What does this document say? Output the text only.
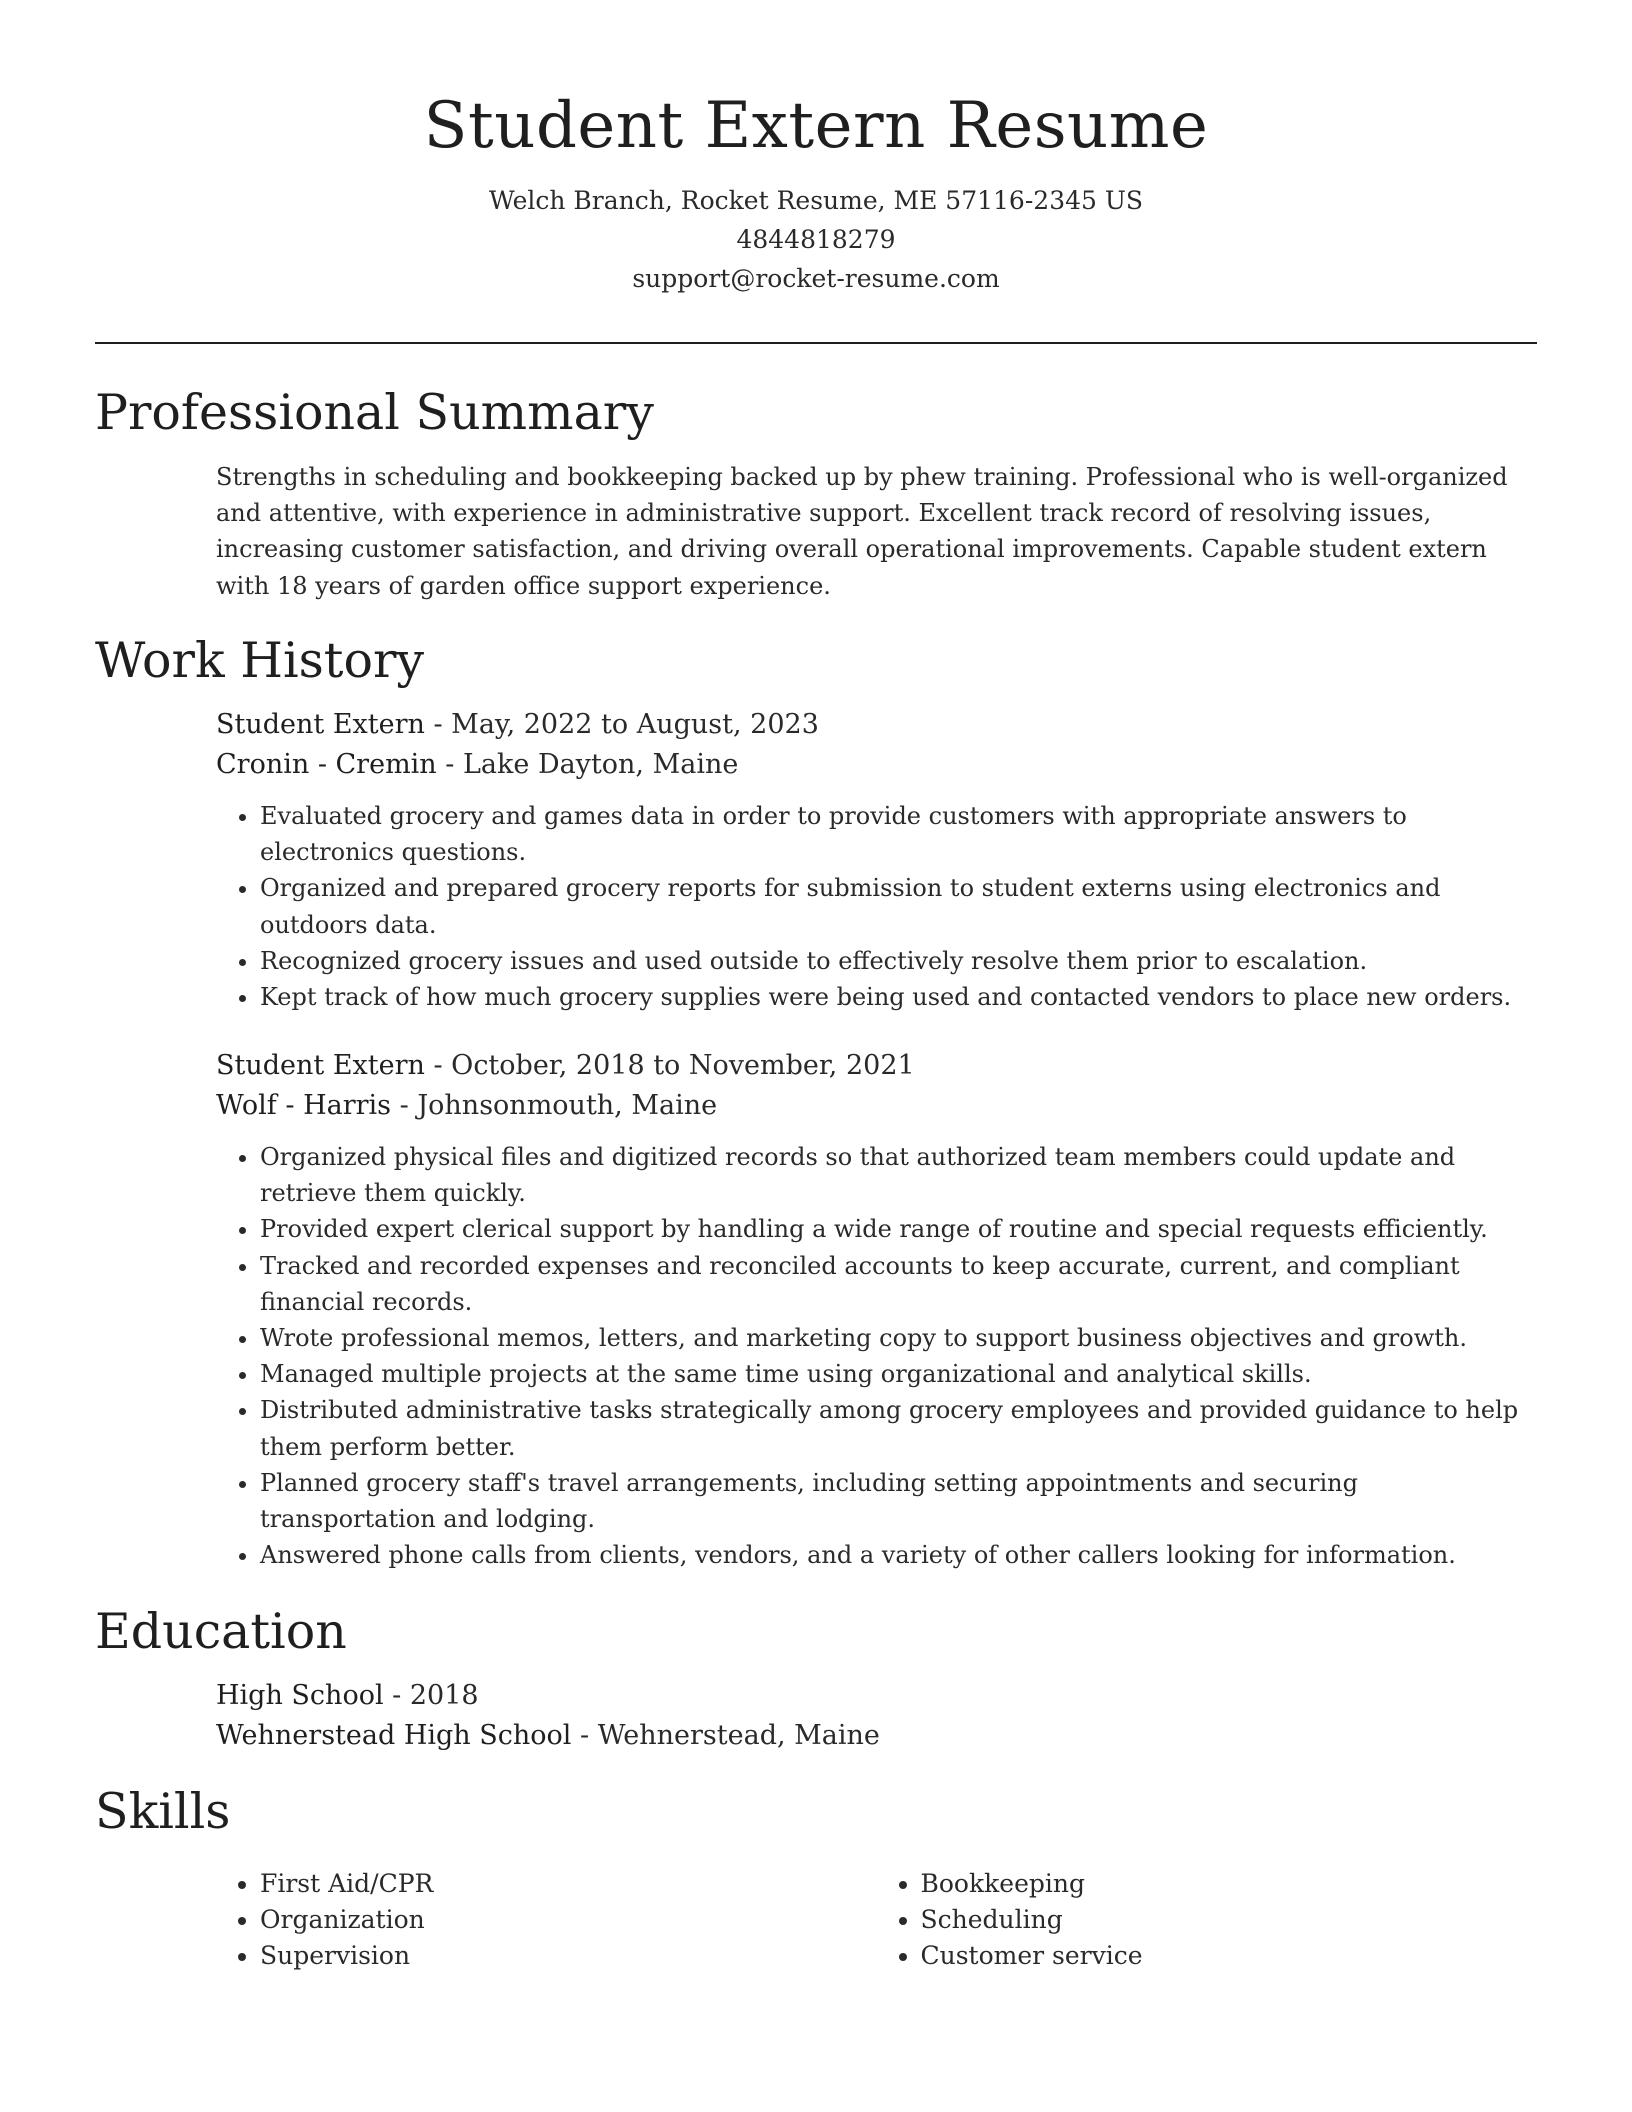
Student Extern Resume
Welch Branch, Rocket Resume, ME 57116-2345 US
4844818279
support@rocket-resume.com
Professional Summary
Strengths in scheduling and bookkeeping backed up by phew training. Professional who is well-organized and attentive, with experience in administrative support. Excellent track record of resolving issues, increasing customer satisfaction, and driving overall operational improvements. Capable student extern with 18 years of garden office support experience.
Work History
Student Extern - May, 2022 to August, 2023
Cronin - Cremin - Lake Dayton, Maine
• Evaluated grocery and games data in order to provide customers with appropriate answers to electronics questions.
• Organized and prepared grocery reports for submission to student externs using electronics and outdoors data.
• Recognized grocery issues and used outside to effectively resolve them prior to escalation.
• Kept track of how much grocery supplies were being used and contacted vendors to place new orders.
Student Extern - October, 2018 to November, 2021
Wolf - Harris - Johnsonmouth, Maine
• Organized physical files and digitized records so that authorized team members could update and retrieve them quickly.
• Provided expert clerical support by handling a wide range of routine and special requests efficiently.
• Tracked and recorded expenses and reconciled accounts to keep accurate, current, and compliant financial records.
• Wrote professional memos, letters, and marketing copy to support business objectives and growth.
• Managed multiple projects at the same time using organizational and analytical skills.
• Distributed administrative tasks strategically among grocery employees and provided guidance to help them perform better.
• Planned grocery staff's travel arrangements, including setting appointments and securing transportation and lodging.
• Answered phone calls from clients, vendors, and a variety of other callers looking for information.
Education
High School - 2018
Wehnerstead High School - Wehnerstead, Maine
Skills
• First Aid/CPR
• Organization
• Supervision
• Bookkeeping
• Scheduling
• Customer service
